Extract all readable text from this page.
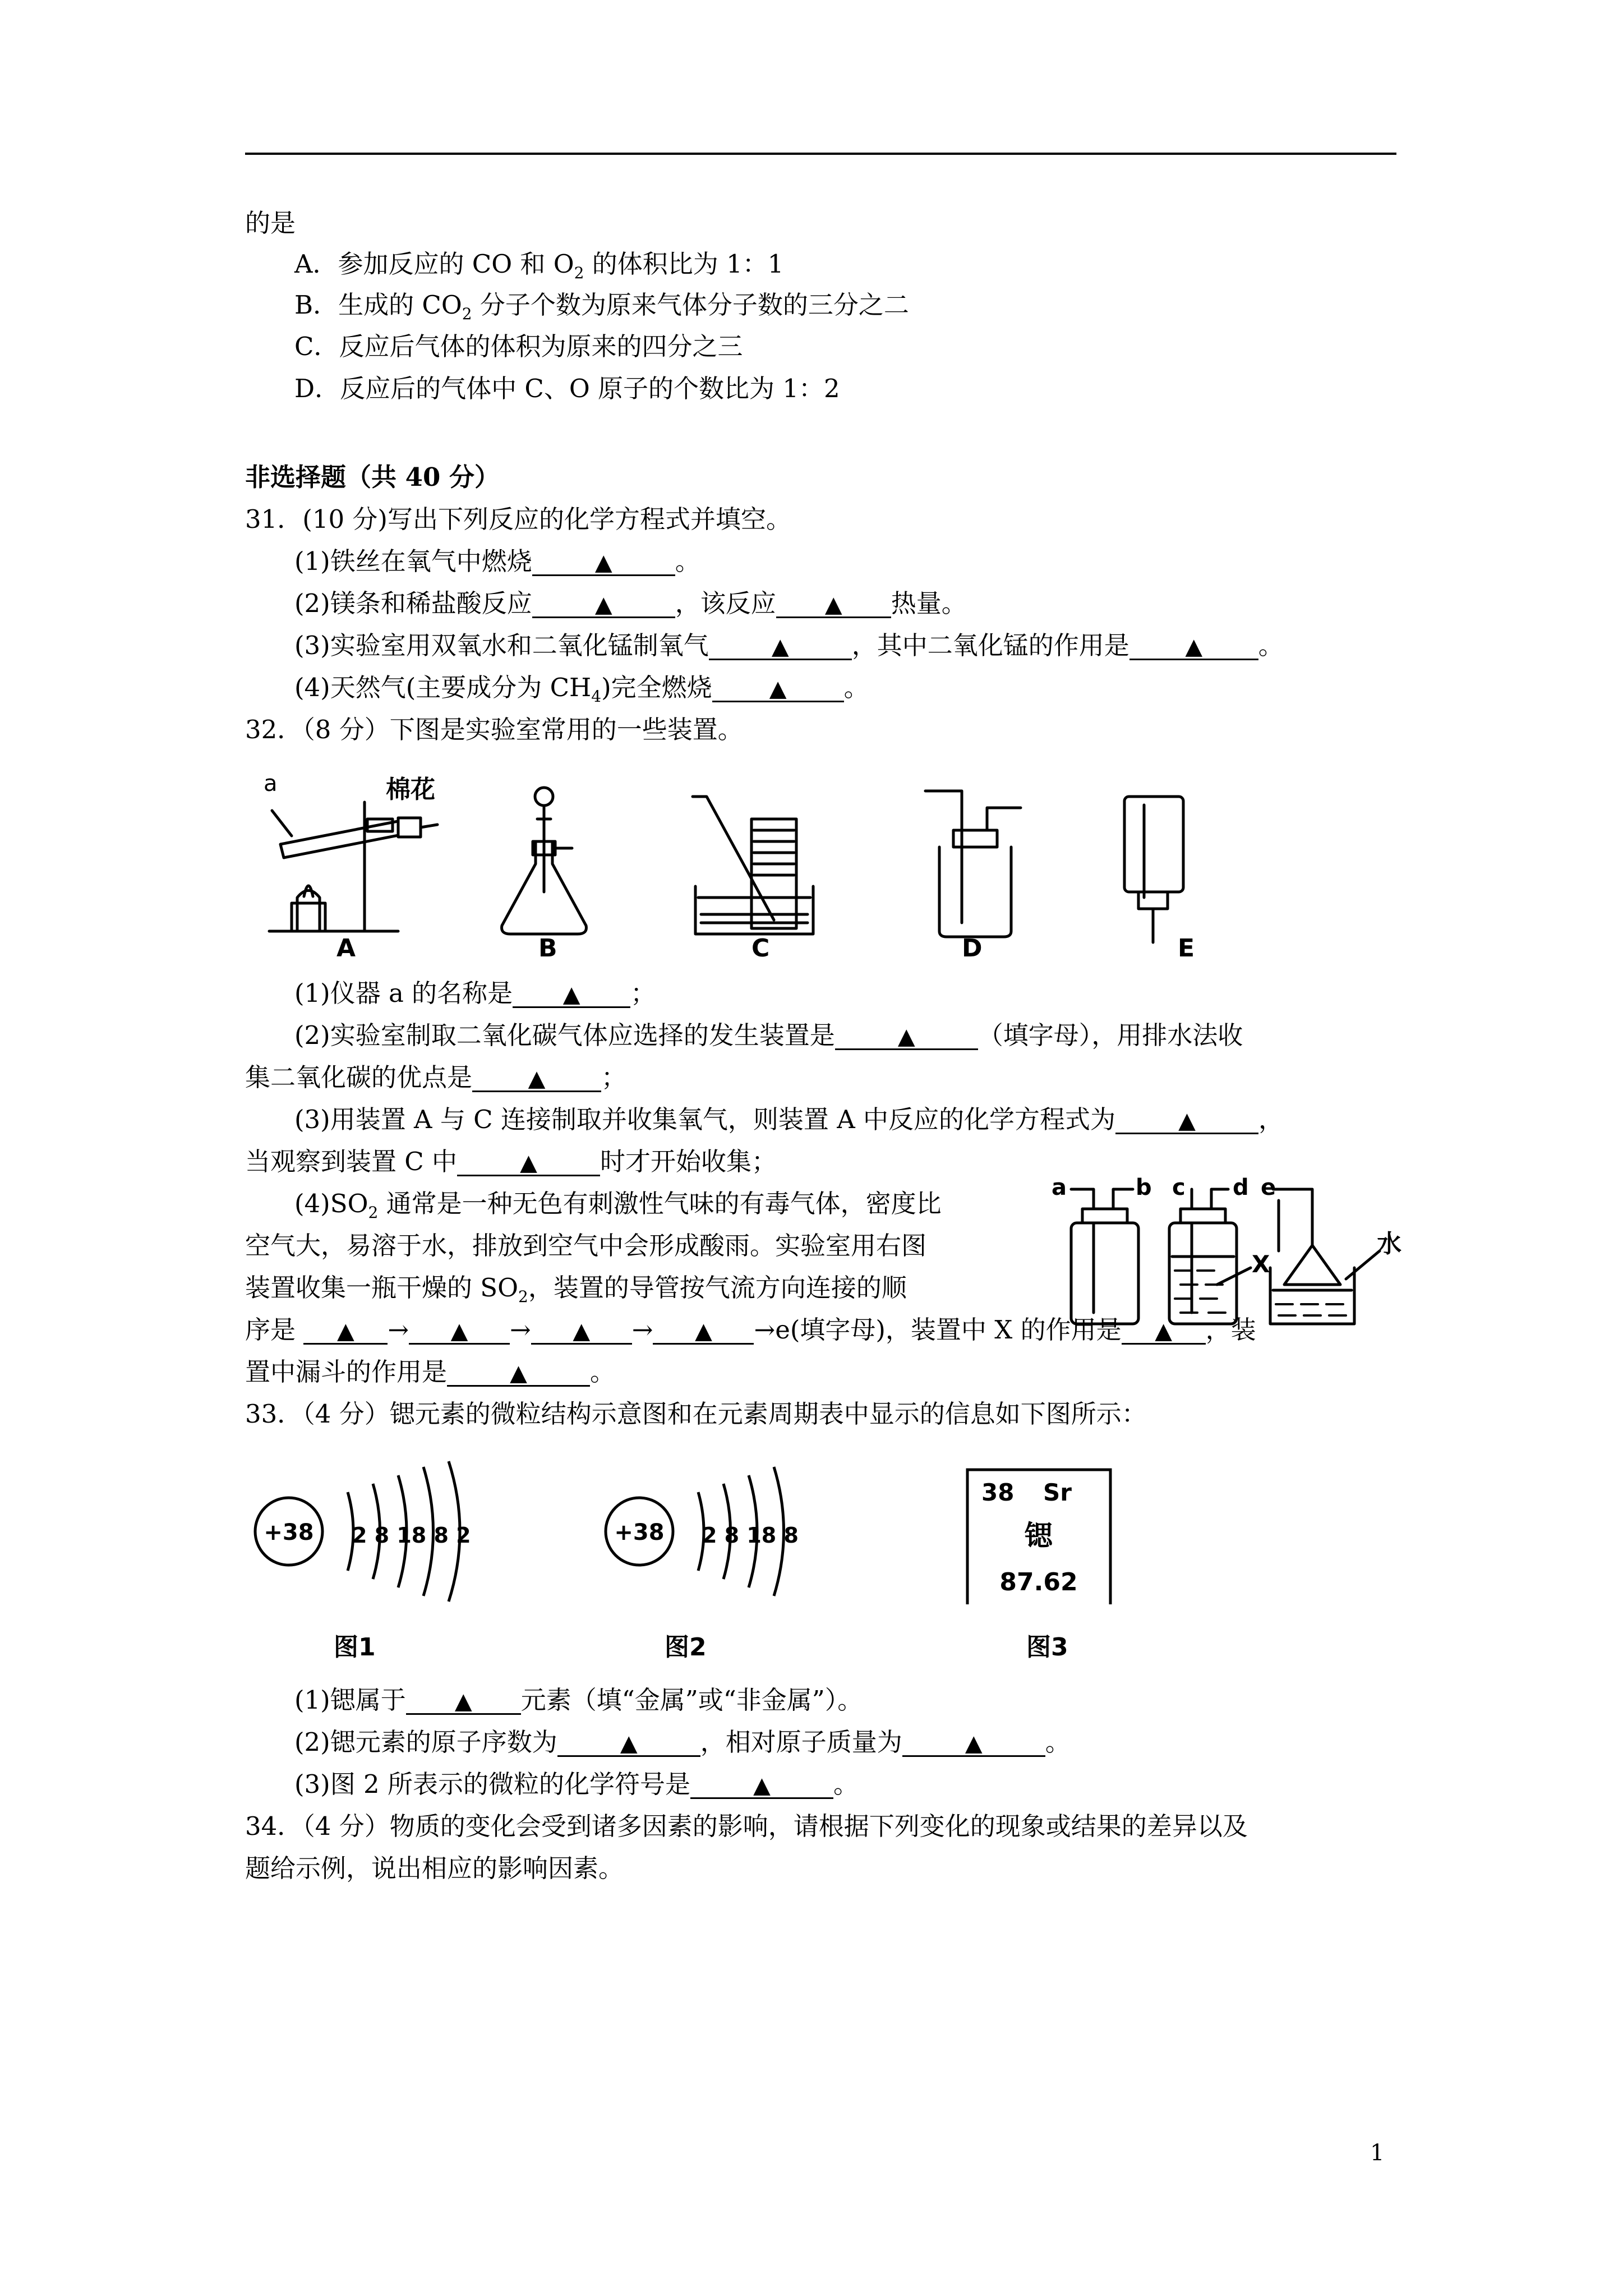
的是
A．参加反应的 CO 和 $O_2$ 的体积比为 1：1
B．生成的 $CO_2$ 分子个数为原来气体分子数的三分之二
C．反应后气体的体积为原来的四分之三
D．反应后的气体中 C、O 原子的个数比为 1：2
非选择题（共 40 分）
31．(10 分)写出下列反应的化学方程式并填空。
(1)铁丝在氧气中燃烧	▲ 。
(2)镁条和稀盐酸反应	▲ ，该反应 ▲ 热量。
(3)实验室用双氧水和二氧化锰制氧气	▲ ，其中二氧化锰的作用是 ▲ 。
(4)天然气(主要成分为 $CH_4$)完全燃烧	▲ 。
32．（8 分）下图是实验室常用的一些装置。
a	棉花
A	B	C	D	E
(1)仪器 a 的名称是 ▲ ；
(2)实验室制取二氧化碳气体应选择的发生装置是	▲ （填字母），用排水法收
集二氧化碳的优点是 ▲ ；
(3)用装置 A 与 C 连接制取并收集氧气，则装置 A 中反应的化学方程式为	▲ ，
当观察到装置 C 中	▲ 时才开始收集；
$(4)SO_2$ 通常是一种无色有刺激性气味的有毒气体，密度比
空气大，易溶于水，排放到空气中会形成酸雨。实验室用右图
装置收集一瓶干燥的 $SO_2$，装置的导管按气流方向连接的顺
a	b c d e
X
水
序是 ▲ → ▲ → ▲ → ▲ →e(填字母)，装置中 X 的作用是 ▲ ，装
置中漏斗的作用是	▲ 。
33．（4 分）锶元素的微粒结构示意图和在元素周期表中显示的信息如下图所示：
+38 2 8 18 8 2	+38 2 8 18 8
38 Sr
锶
87.62
图1	图2	图3
(1)锶属于 ▲ 元素（填“金属”或“非金属”）。
(2)锶元素的原子序数为	▲ ，相对原子质量为	▲ 。
(3)图 2 所表示的微粒的化学符号是	▲ 。
34．（4 分）物质的变化会受到诸多因素的影响，请根据下列变化的现象或结果的差异以及
题给示例，说出相应的影响因素。
1
